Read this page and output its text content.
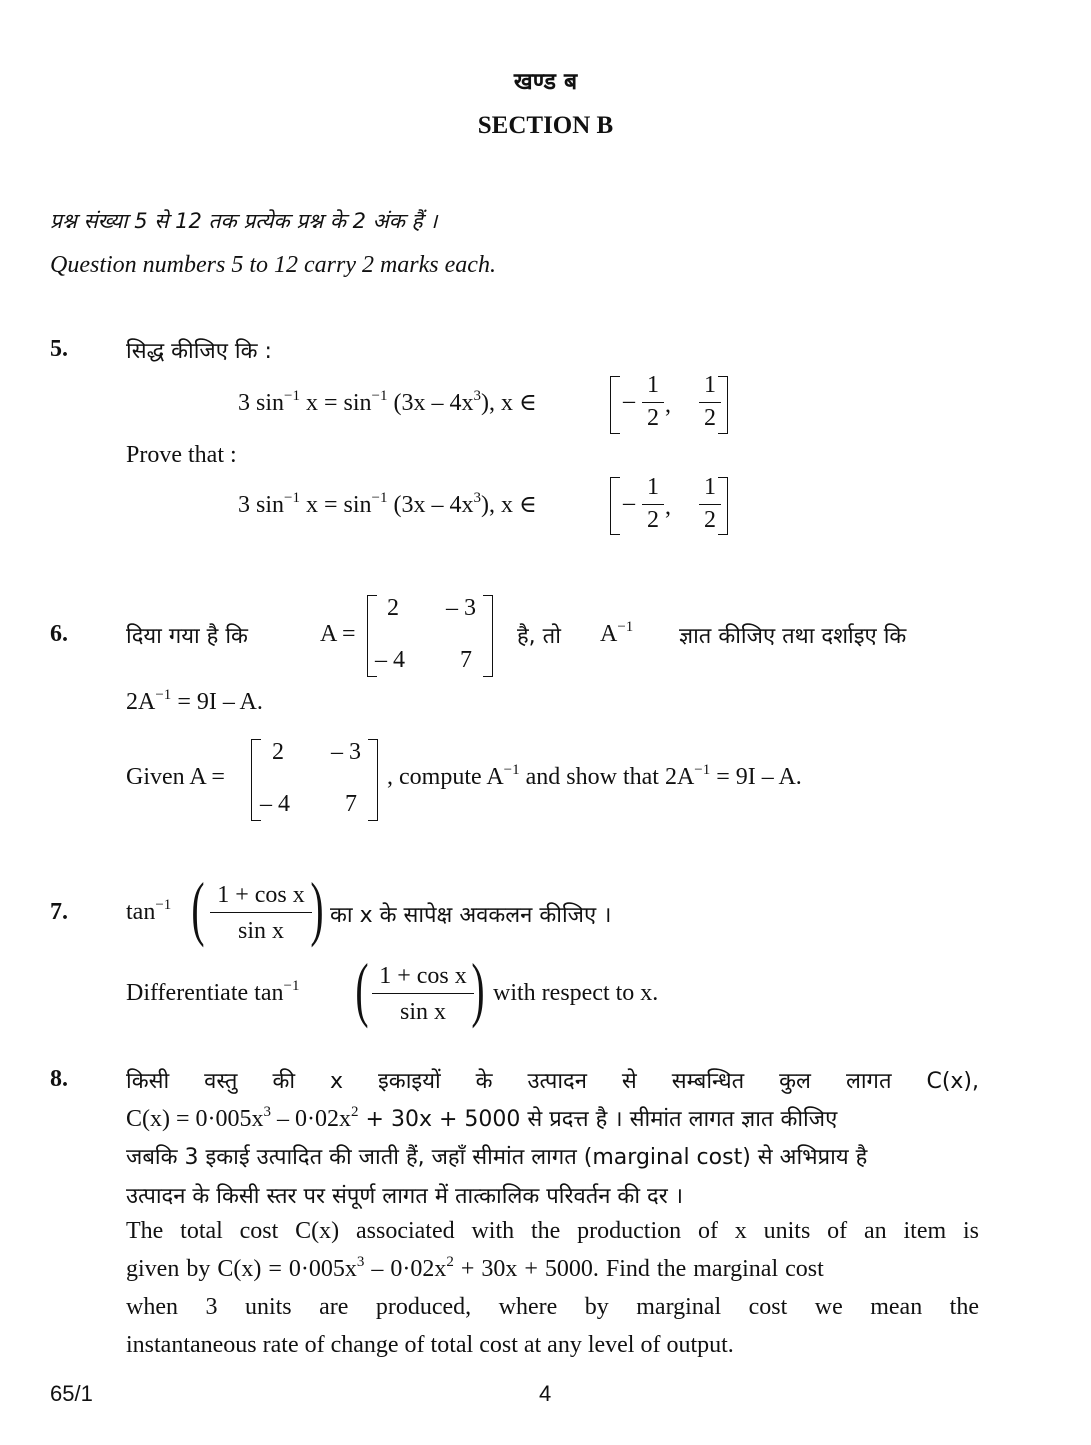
खण्ड ब
SECTION B
प्रश्न संख्या 5 से 12 तक प्रत्येक प्रश्न के 2 अंक हैं ।
Question numbers 5 to 12 carry 2 marks each.
5.	सिद्ध कीजिए कि :
3 $\sin^{-1} x = \sin^{-1} (3x - 4x^3)$, x ∈	–
1
2 ,
1
2
Prove that :
3 $\sin^{-1} x = \sin^{-1} (3x - 4x^3)$, x ∈	–
1
2 ,
1
2
6.	दिया गया है कि	A =
2 – 3
– 4 7
है, तो $A^{-1}$ ज्ञात कीजिए तथा दर्शाइए कि
$2A^{-1} = 9I - A$.
Given A =
2 – 3
– 4 7
, compute $A^{-1}$ and show that $2A^{-1} = 9I - A$.
7. $\tan^{-1}$ ( 1 + cos x
sin x ) का x के सापेक्ष अवकलन कीजिए ।
Differentiate $\tan^{-1}$ ( 1 + cos x
sin x ) with respect to x.
8.	किसी वस्तु की x इकाइयों के उत्पादन से सम्बन्धित कुल लागत C(x),
$C(x) = 0\cdot 005x^3 - 0\cdot 02x^2 + 30x + 5000$ से प्रदत्त है । सीमांत लागत ज्ञात कीजिए
जबकि 3 इकाई उत्पादित की जाती हैं, जहाँ सीमांत लागत (marginal cost) से अभिप्राय है
उत्पादन के किसी स्तर पर संपूर्ण लागत में तात्कालिक परिवर्तन की दर ।
The total cost C(x) associated with the production of x units of an item is
given by $C(x) = 0\cdot 005x^3 - 0\cdot 02x^2 + 30x + 5000$. Find the marginal cost
when 3 units are produced, where by marginal cost we mean the
instantaneous rate of change of total cost at any level of output.
65/1	4
